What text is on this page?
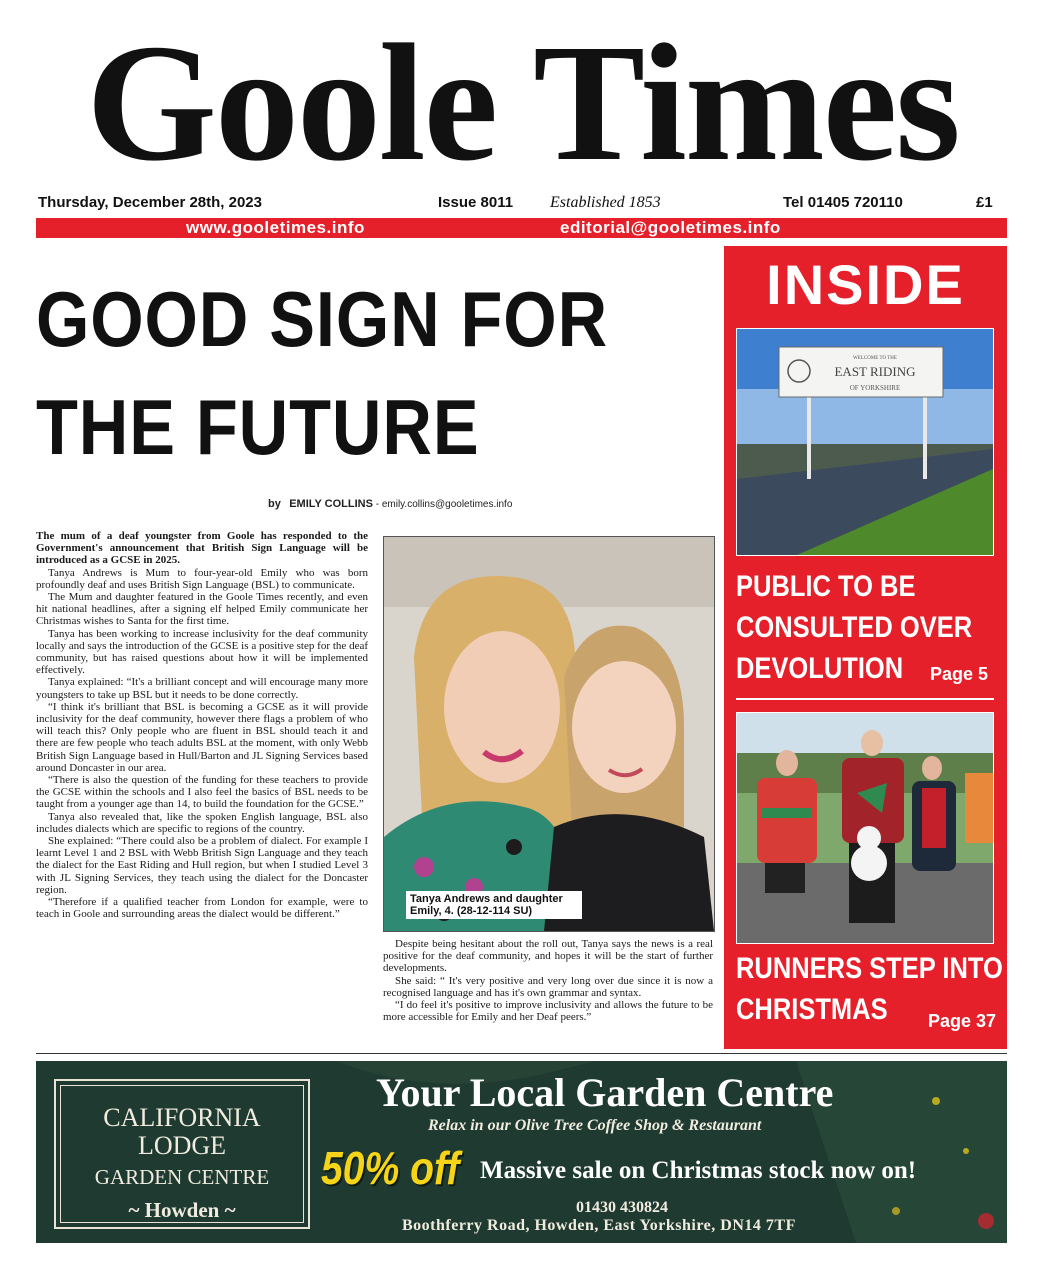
Goole Times
Thursday, December 28th, 2023	Issue 8011 Established 1853	Tel 01405 720110	£1
www.gooletimes.info	editorial@gooletimes.info
GOOD SIGN FOR
THE FUTURE
by EMILY COLLINS - emily.collins@gooletimes.info

The mum of a deaf youngster from Goole has responded to the Government's announcement that British Sign Language will be introduced as a GCSE in 2025.

Tanya Andrews is Mum to four-year-old Emily who was born profoundly deaf and uses British Sign Language (BSL) to communicate.

The Mum and daughter featured in the Goole Times recently, and even hit national headlines, after a signing elf helped Emily communicate her Christmas wishes to Santa for the first time.

Tanya has been working to increase inclusivity for the deaf community locally and says the introduction of the GCSE is a positive step for the deaf community, but has raised questions about how it will be implemented effectively.

Tanya explained: “It's a brilliant concept and will encourage many more youngsters to take up BSL but it needs to be done correctly.

“I think it's brilliant that BSL is becoming a GCSE as it will provide inclusivity for the deaf community, however there flags a problem of who will teach this? Only people who are fluent in BSL should teach it and there are few people who teach adults BSL at the moment, with only Webb British Sign Language based in Hull/Barton and JL Signing Services based around Doncaster in our area.

“There is also the question of the funding for these teachers to provide the GCSE within the schools and I also feel the basics of BSL needs to be taught from a younger age than 14, to build the foundation for the GCSE.”

Tanya also revealed that, like the spoken English language, BSL also includes dialects which are specific to regions of the country.

She explained: “There could also be a problem of dialect. For example I learnt Level 1 and 2 BSL with Webb British Sign Language and they teach the dialect for the East Riding and Hull region, but when I studied Level 3 with JL Signing Services, they teach using the dialect for the Doncaster region.

“Therefore if a qualified teacher from London for example, were to teach in Goole and surrounding areas the dialect would be different.”

Tanya Andrews and daughter
Emily, 4. (28-12-114 SU)

Despite being hesitant about the roll out, Tanya says the news is a real positive for the deaf community, and hopes it will be the start of further developments.

She said: “ It's very positive and very long over due since it is now a recognised language and has it's own grammar and syntax.

“I do feel it's positive to improve inclusivity and allows the future to be more accessible for Emily and her Deaf peers.”

INSIDE
WELCOME TO THE
EAST RIDING
OF YORKSHIRE
PUBLIC TO BE
CONSULTED OVER
DEVOLUTION	Page 5
RUNNERS STEP INTO
CHRISTMAS	Page 37
CALIFORNIA
LODGE
GARDEN CENTRE
~ Howden ~
Your Local Garden Centre
Relax in our Olive Tree Coffee Shop & Restaurant
50% off Massive sale on Christmas stock now on!
01430 430824
Boothferry Road, Howden, East Yorkshire, DN14 7TF
